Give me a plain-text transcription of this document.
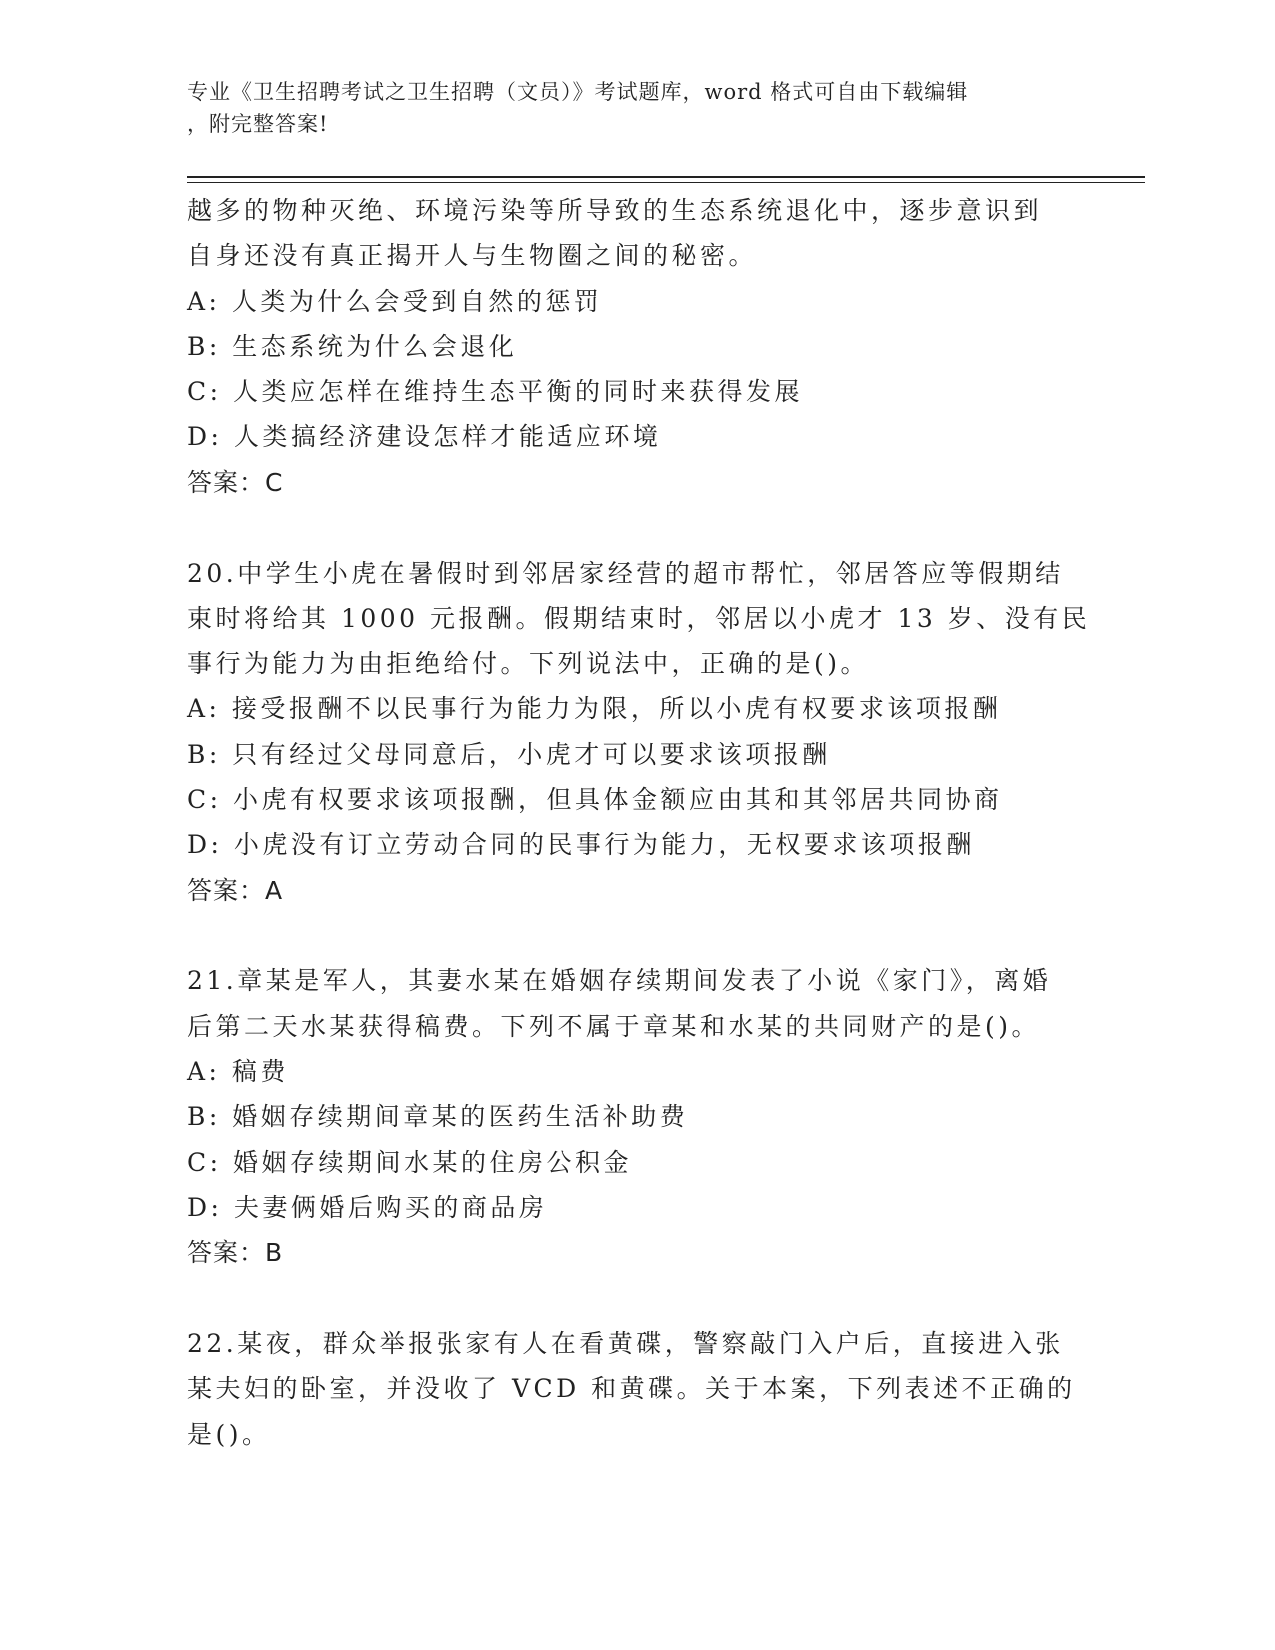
专业《卫生招聘考试之卫生招聘（文员）》考试题库，word 格式可自由下载编辑
，附完整答案!
越多的物种灭绝、环境污染等所导致的生态系统退化中，逐步意识到
自身还没有真正揭开人与生物圈之间的秘密。
A: 人类为什么会受到自然的惩罚
B: 生态系统为什么会退化
C: 人类应怎样在维持生态平衡的同时来获得发展
D: 人类搞经济建设怎样才能适应环境
答案：C
20.中学生小虎在暑假时到邻居家经营的超市帮忙，邻居答应等假期结
束时将给其 1000 元报酬。假期结束时，邻居以小虎才 13 岁、没有民
事行为能力为由拒绝给付。下列说法中，正确的是()。
A: 接受报酬不以民事行为能力为限，所以小虎有权要求该项报酬
B: 只有经过父母同意后，小虎才可以要求该项报酬
C: 小虎有权要求该项报酬，但具体金额应由其和其邻居共同协商
D: 小虎没有订立劳动合同的民事行为能力，无权要求该项报酬
答案：A
21.章某是军人，其妻水某在婚姻存续期间发表了小说《家门》，离婚
后第二天水某获得稿费。下列不属于章某和水某的共同财产的是()。
A: 稿费
B: 婚姻存续期间章某的医药生活补助费
C: 婚姻存续期间水某的住房公积金
D: 夫妻俩婚后购买的商品房
答案：B
22.某夜，群众举报张家有人在看黄碟，警察敲门入户后，直接进入张
某夫妇的卧室，并没收了 VCD 和黄碟。关于本案，下列表述不正确的
是()。
